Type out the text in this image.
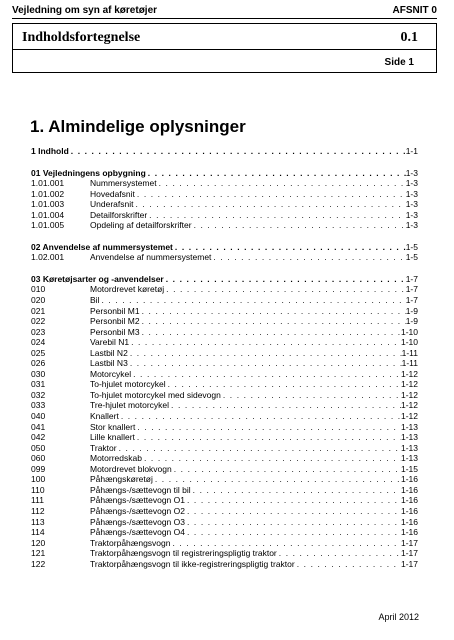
Vejledning om syn af køretøjer	AFSNIT 0
Indholdsfortegnelse	0.1
Side 1
1. Almindelige oplysninger
1 Indhold . . .	1-1
01 Vejledningens opbygning . . .	1-3
1.01.001	Nummersystemet . . .	1-3
1.01.002	Hovedafsnit . . .	1-3
1.01.003	Underafsnit . . .	1-3
1.01.004	Detailforskrifter . . .	1-3
1.01.005	Opdeling af detailforskrifter . . .	1-3
02 Anvendelse af nummersystemet . . .	1-5
1.02.001	Anvendelse af nummersystemet . . .	1-5
03 Køretøjsarter og -anvendelser . . .	1-7
010	Motordrevet køretøj . . .	1-7
020	Bil . . .	1-7
021	Personbil M1 . . .	1-9
022	Personbil M2 . . .	1-9
023	Personbil M3 . . .	1-10
024	Varebil N1 . . .	1-10
025	Lastbil N2 . . .	1-11
026	Lastbil N3 . . .	1-11
030	Motorcykel . . .	1-12
031	To-hjulet motorcykel . . .	1-12
032	To-hjulet motorcykel med sidevogn . . .	1-12
033	Tre-hjulet motorcykel . . .	1-12
040	Knallert . . .	1-12
041	Stor knallert . . .	1-13
042	Lille knallert . . .	1-13
050	Traktor . . .	1-13
060	Motorredskab . . .	1-13
099	Motordrevet blokvogn . . .	1-15
100	Påhængskøretøj . . .	1-16
110	Påhængs-/sættevogn til bil . . .	1-16
111	Påhængs-/sættevogn O1 . . .	1-16
112	Påhængs-/sættevogn O2 . . .	1-16
113	Påhængs-/sættevogn O3 . . .	1-16
114	Påhængs-/sættevogn O4 . . .	1-16
120	Traktorpåhængsvogn . . .	1-17
121	Traktorpåhængsvogn til registreringspligtig traktor . . .	1-17
122	Traktorpåhængsvogn til ikke-registreringspligtig traktor . . .	1-17
April 2012
